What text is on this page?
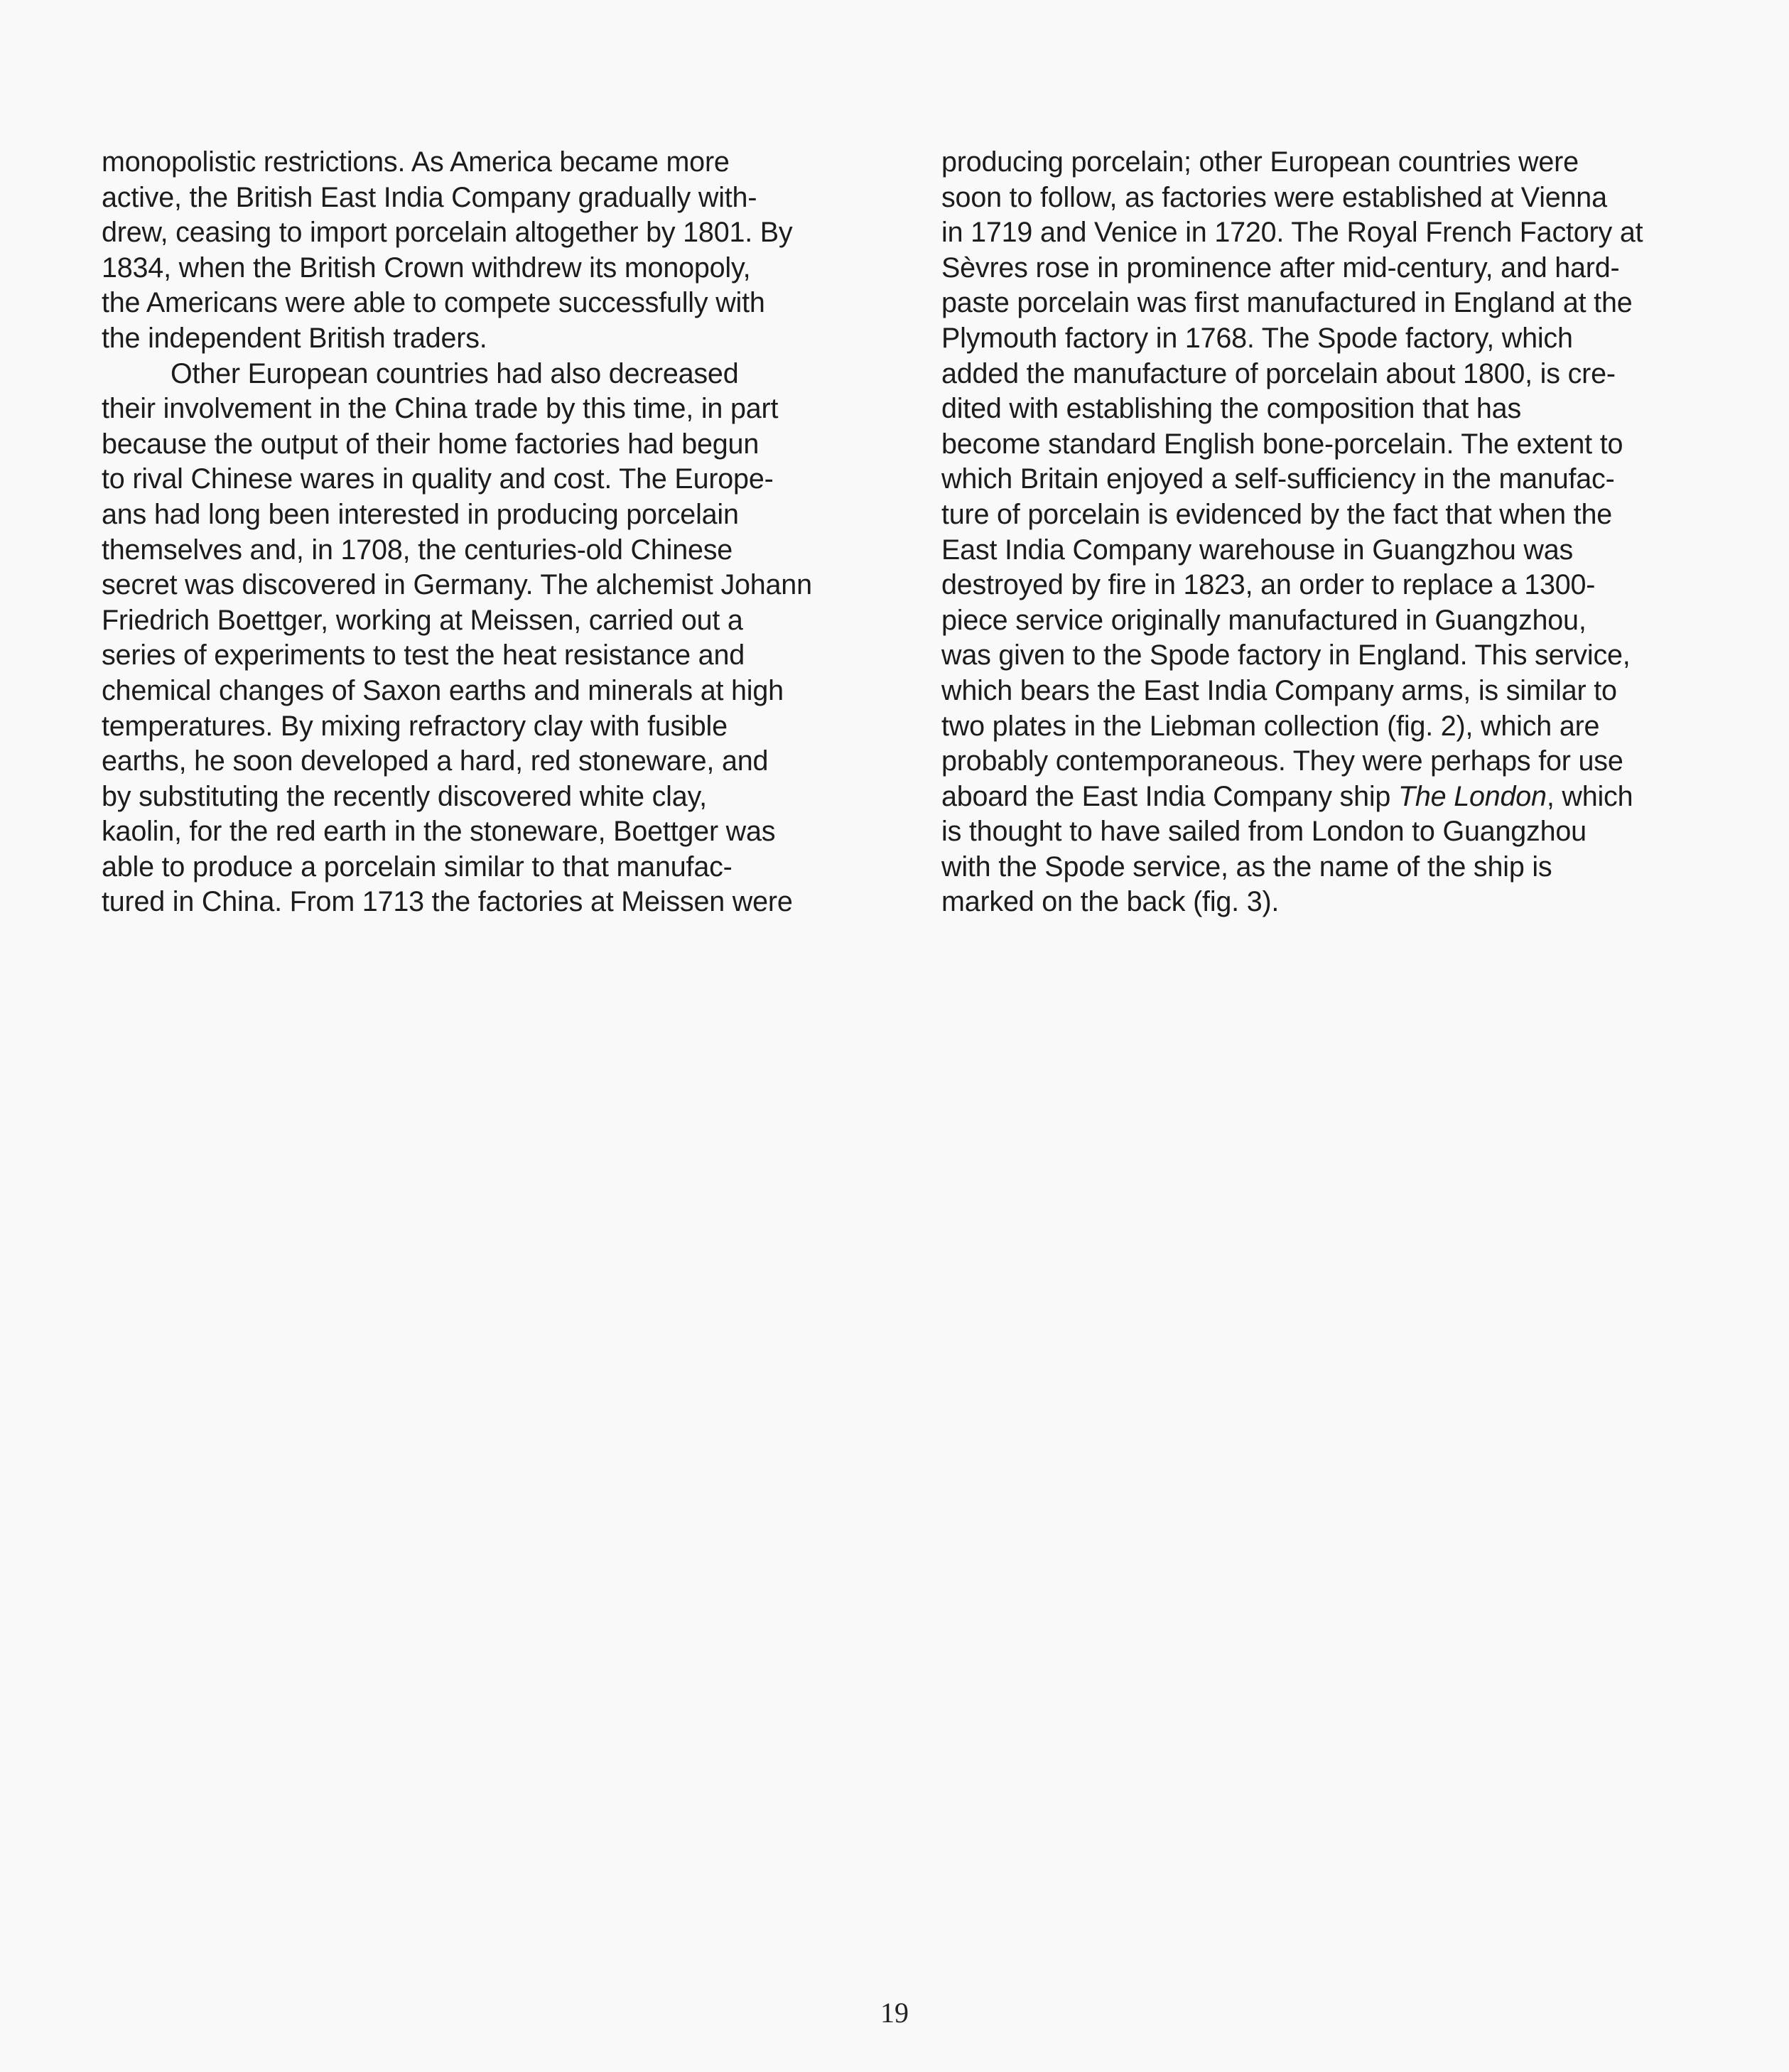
monopolistic restrictions. As America became more
active, the British East India Company gradually with-
drew, ceasing to import porcelain altogether by 1801. By
1834, when the British Crown withdrew its monopoly,
the Americans were able to compete successfully with
the independent British traders.
Other European countries had also decreased
their involvement in the China trade by this time, in part
because the output of their home factories had begun
to rival Chinese wares in quality and cost. The Europe-
ans had long been interested in producing porcelain
themselves and, in 1708, the centuries-old Chinese
secret was discovered in Germany. The alchemist Johann
Friedrich Boettger, working at Meissen, carried out a
series of experiments to test the heat resistance and
chemical changes of Saxon earths and minerals at high
temperatures. By mixing refractory clay with fusible
earths, he soon developed a hard, red stoneware, and
by substituting the recently discovered white clay,
kaolin, for the red earth in the stoneware, Boettger was
able to produce a porcelain similar to that manufac-
tured in China. From 1713 the factories at Meissen were
producing porcelain; other European countries were
soon to follow, as factories were established at Vienna
in 1719 and Venice in 1720. The Royal French Factory at
Sèvres rose in prominence after mid-century, and hard-
paste porcelain was first manufactured in England at the
Plymouth factory in 1768. The Spode factory, which
added the manufacture of porcelain about 1800, is cre-
dited with establishing the composition that has
become standard English bone-porcelain. The extent to
which Britain enjoyed a self-sufficiency in the manufac-
ture of porcelain is evidenced by the fact that when the
East India Company warehouse in Guangzhou was
destroyed by fire in 1823, an order to replace a 1300-
piece service originally manufactured in Guangzhou,
was given to the Spode factory in England. This service,
which bears the East India Company arms, is similar to
two plates in the Liebman collection (fig. 2), which are
probably contemporaneous. They were perhaps for use
aboard the East India Company ship The London, which
is thought to have sailed from London to Guangzhou
with the Spode service, as the name of the ship is
marked on the back (fig. 3).
19
